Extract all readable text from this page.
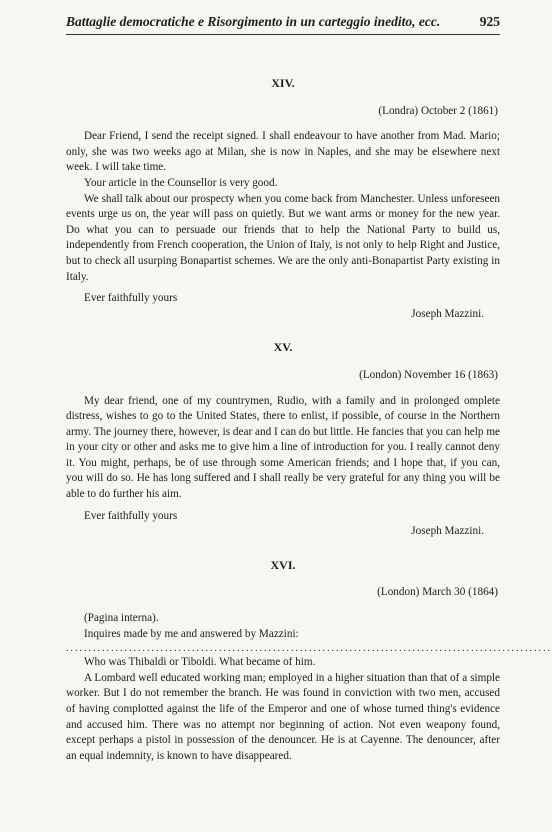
Battaglie democratiche e Risorgimento in un carteggio inedito, ecc.	925
XIV.
(Londra) October 2 (1861)

Dear Friend, I send the receipt signed. I shall endeavour to have another from Mad. Mario; only, she was two weeks ago at Milan, she is now in Naples, and she may be elsewhere next week. I will take time.

Your article in the Counsellor is very good.

We shall talk about our prospecty when you come back from Manchester. Unless unforeseen events urge us on, the year will pass on quietly. But we want arms or money for the new year. Do what you can to persuade our friends that to help the National Party to build us, independently from French cooperation, the Union of Italy, is not only to help Right and Justice, but to check all usurping Bonapartist schemes. We are the only anti-Bonapartist Party existing in Italy.

Ever faithfully yours
Joseph Mazzini.
XV.
(London) November 16 (1863)

My dear friend, one of my countrymen, Rudio, with a family and in prolonged omplete distress, wishes to go to the United States, there to enlist, if possible, of course in the Northern army. The journey there, however, is dear and I can do but little. He fancies that you can help me in your city or other and asks me to give him a line of introduction for you. I really cannot deny it. You might, perhaps, be of use through some American friends; and I hope that, if you can, you will do so. He has long suffered and I shall really be very grateful for any thing you will be able to do further his aim.

Ever faithfully yours
Joseph Mazzini.
XVI.
(London) March 30 (1864)

(Pagina interna).

Inquires made by me and answered by Mazzini:

............................................................................................................

Who was Thibaldi or Tiboldi. What became of him.

A Lombard well educated working man; employed in a higher situation than that of a simple worker. But I do not remember the branch. He was found in conviction with two men, accused of having complotted against the life of the Emperor and one of whose turned thing's evidence and accused him. There was no attempt nor beginning of action. Not even weapony found, except perhaps a pistol in possession of the denouncer. He is at Cayenne. The denouncer, after an equal indemnity, is known to have disappeared.
